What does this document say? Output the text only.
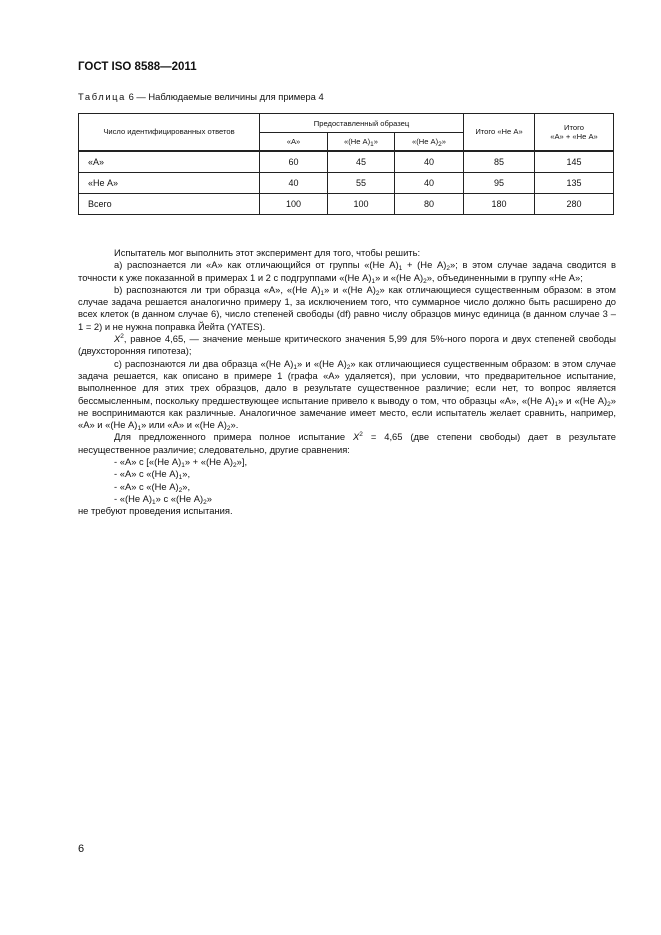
ГОСТ ISO 8588—2011
Таблица 6 — Наблюдаемые величины для примера 4
Число идентифицированных ответов	Предоставленный образец			Итого «Не А»	Итого
«А» + «Не А»
	«А»	«(Не $А)_1$»	«(Не $А)_2$»		
«А»	60	45	40	85	145
«Не А»	40	55	40	95	135
Всего	100	100	80	180	280

Испытатель мог выполнить этот эксперимент для того, чтобы решить:

а) распознается ли «А» как отличающийся от группы «(Не $А)_1 + (Не$ $А)_2$»; в этом случае задача сводится в точности к уже показанной в примерах 1 и 2 с подгруппами «(Не $А)_1$» и «(Не $А)_2$», объединенными в группу «Не А»;

b) распознаются ли три образца «А», «(Не $А)_1$» и «(Не $А)_2$» как отличающиеся существенным образом: в этом случае задача решается аналогично примеру 1, за исключением того, что суммарное число должно быть расширено до всех клеток (в данном случае 6), число степеней свободы (df) равно числу образцов минус единица (в данном случае 3 – 1 = 2) и не нужна поправка Йейта (YATES).

$X^2$, равное 4,65, — значение меньше критического значения 5,99 для 5%-ного порога и двух степеней свободы (двухсторонняя гипотеза);

с) распознаются ли два образца «(Не $А)_1$» и «(Не $А)_2$» как отличающиеся существенным образом: в этом случае задача решается, как описано в примере 1 (графа «А» удаляется), при условии, что предварительное испытание, выполненное для этих трех образцов, дало в результате существенное различие; если нет, то вопрос является бессмысленным, поскольку предшествующее испытание привело к выводу о том, что образцы «А», «(Не $А)_1$» и «(Не $А)_2$» не воспринимаются как различные. Аналогичное замечание имеет место, если испытатель желает сравнить, например, «А» и «(Не $А)_1$» или «А» и «(Не $А)_2$».

Для предложенного примера полное испытание $X^2 = 4,65$ (две степени свободы) дает в результате несущественное различие; следовательно, другие сравнения:

- «А» с [«(Не $А)_1$» + «(Не $А)_2$»],

- «А» с «(Не $А)_1$»,

- «А» с «(Не $А)_2$»,

- «(Не $А)_1$» с «(Не $А)_2$»

не требуют проведения испытания.

6
